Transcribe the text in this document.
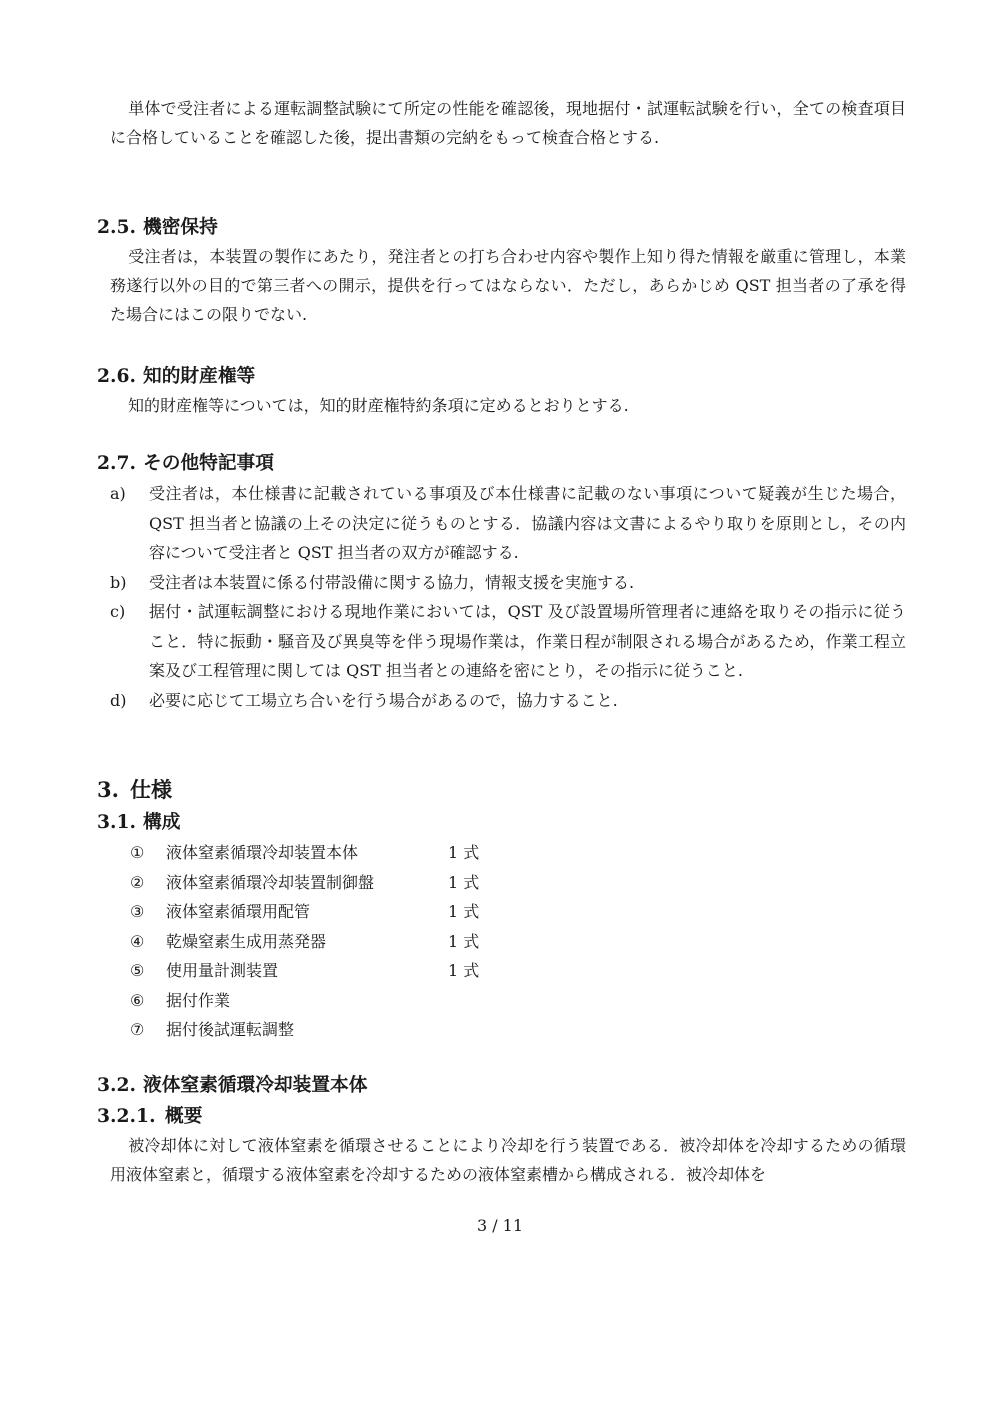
単体で受注者による運転調整試験にて所定の性能を確認後，現地据付・試運転試験を行い，全ての検査項目に合格していることを確認した後，提出書類の完納をもって検査合格とする.

2.5. 機密保持

受注者は，本装置の製作にあたり，発注者との打ち合わせ内容や製作上知り得た情報を厳重に管理し，本業務遂行以外の目的で第三者への開示，提供を行ってはならない．ただし，あらかじめ QST 担当者の了承を得た場合にはこの限りでない.

2.6. 知的財産権等

知的財産権等については，知的財産権特約条項に定めるとおりとする.

2.7. その他特記事項
a) 受注者は，本仕様書に記載されている事項及び本仕様書に記載のない事項について疑義が生じた場合，QST 担当者と協議の上その決定に従うものとする．協議内容は文書によるやり取りを原則とし，その内容について受注者と QST 担当者の双方が確認する.
b) 受注者は本装置に係る付帯設備に関する協力，情報支援を実施する.
c) 据付・試運転調整における現地作業においては，QST 及び設置場所管理者に連絡を取りその指示に従うこと．特に振動・騒音及び異臭等を伴う現場作業は，作業日程が制限される場合があるため，作業工程立案及び工程管理に関しては QST 担当者との連絡を密にとり，その指示に従うこと.
d) 必要に応じて工場立ち合いを行う場合があるので，協力すること.
3. 仕様
3.1. 構成
① 液体窒素循環冷却装置本体	1 式
② 液体窒素循環冷却装置制御盤	1 式
③ 液体窒素循環用配管	1 式
④ 乾燥窒素生成用蒸発器	1 式
⑤ 使用量計測装置	1 式
⑥ 据付作業
⑦ 据付後試運転調整
3.2. 液体窒素循環冷却装置本体
3.2.1. 概要

被冷却体に対して液体窒素を循環させることにより冷却を行う装置である．被冷却体を冷却するための循環用液体窒素と，循環する液体窒素を冷却するための液体窒素槽から構成される．被冷却体を

3 / 11
